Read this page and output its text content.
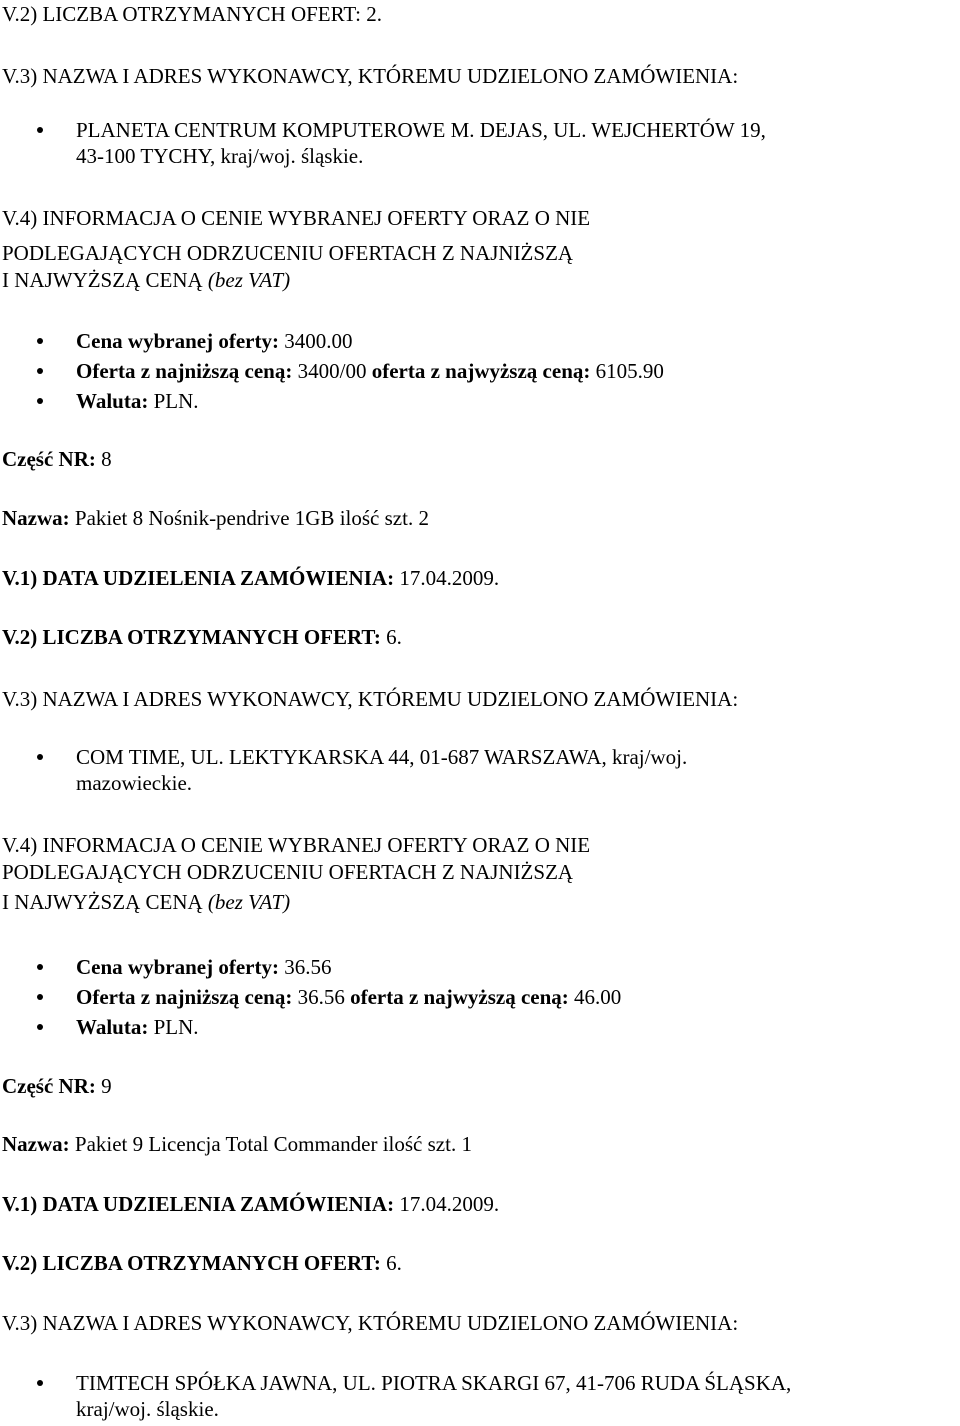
V.2) LICZBA OTRZYMANYCH OFERT: 2.
V.3) NAZWA I ADRES WYKONAWCY, KTÓREMU UDZIELONO ZAMÓWIENIA:
PLANETA CENTRUM KOMPUTEROWE M. DEJAS, UL. WEJCHERTÓW 19,
43-100 TYCHY, kraj/woj. śląskie.
V.4) INFORMACJA O CENIE WYBRANEJ OFERTY ORAZ O NIE
PODLEGAJĄCYCH ODRZUCENIU OFERTACH Z NAJNIŻSZĄ
I NAJWYŻSZĄ CENĄ (bez VAT)
Cena wybranej oferty: 3400.00
Oferta z najniższą ceną: 3400/00 oferta z najwyższą ceną: 6105.90
Waluta: PLN.
Część NR: 8
Nazwa: Pakiet 8 Nośnik-pendrive 1GB ilość szt. 2
V.1) DATA UDZIELENIA ZAMÓWIENIA: 17.04.2009.
V.2) LICZBA OTRZYMANYCH OFERT: 6.
V.3) NAZWA I ADRES WYKONAWCY, KTÓREMU UDZIELONO ZAMÓWIENIA:
COM TIME, UL. LEKTYKARSKA 44, 01-687 WARSZAWA, kraj/woj.
mazowieckie.
V.4) INFORMACJA O CENIE WYBRANEJ OFERTY ORAZ O NIE
PODLEGAJĄCYCH ODRZUCENIU OFERTACH Z NAJNIŻSZĄ
I NAJWYŻSZĄ CENĄ (bez VAT)
Cena wybranej oferty: 36.56
Oferta z najniższą ceną: 36.56 oferta z najwyższą ceną: 46.00
Waluta: PLN.
Część NR: 9
Nazwa: Pakiet 9 Licencja Total Commander ilość szt. 1
V.1) DATA UDZIELENIA ZAMÓWIENIA: 17.04.2009.
V.2) LICZBA OTRZYMANYCH OFERT: 6.
V.3) NAZWA I ADRES WYKONAWCY, KTÓREMU UDZIELONO ZAMÓWIENIA:
TIMTECH SPÓŁKA JAWNA, UL. PIOTRA SKARGI 67, 41-706 RUDA ŚLĄSKA,
kraj/woj. śląskie.
